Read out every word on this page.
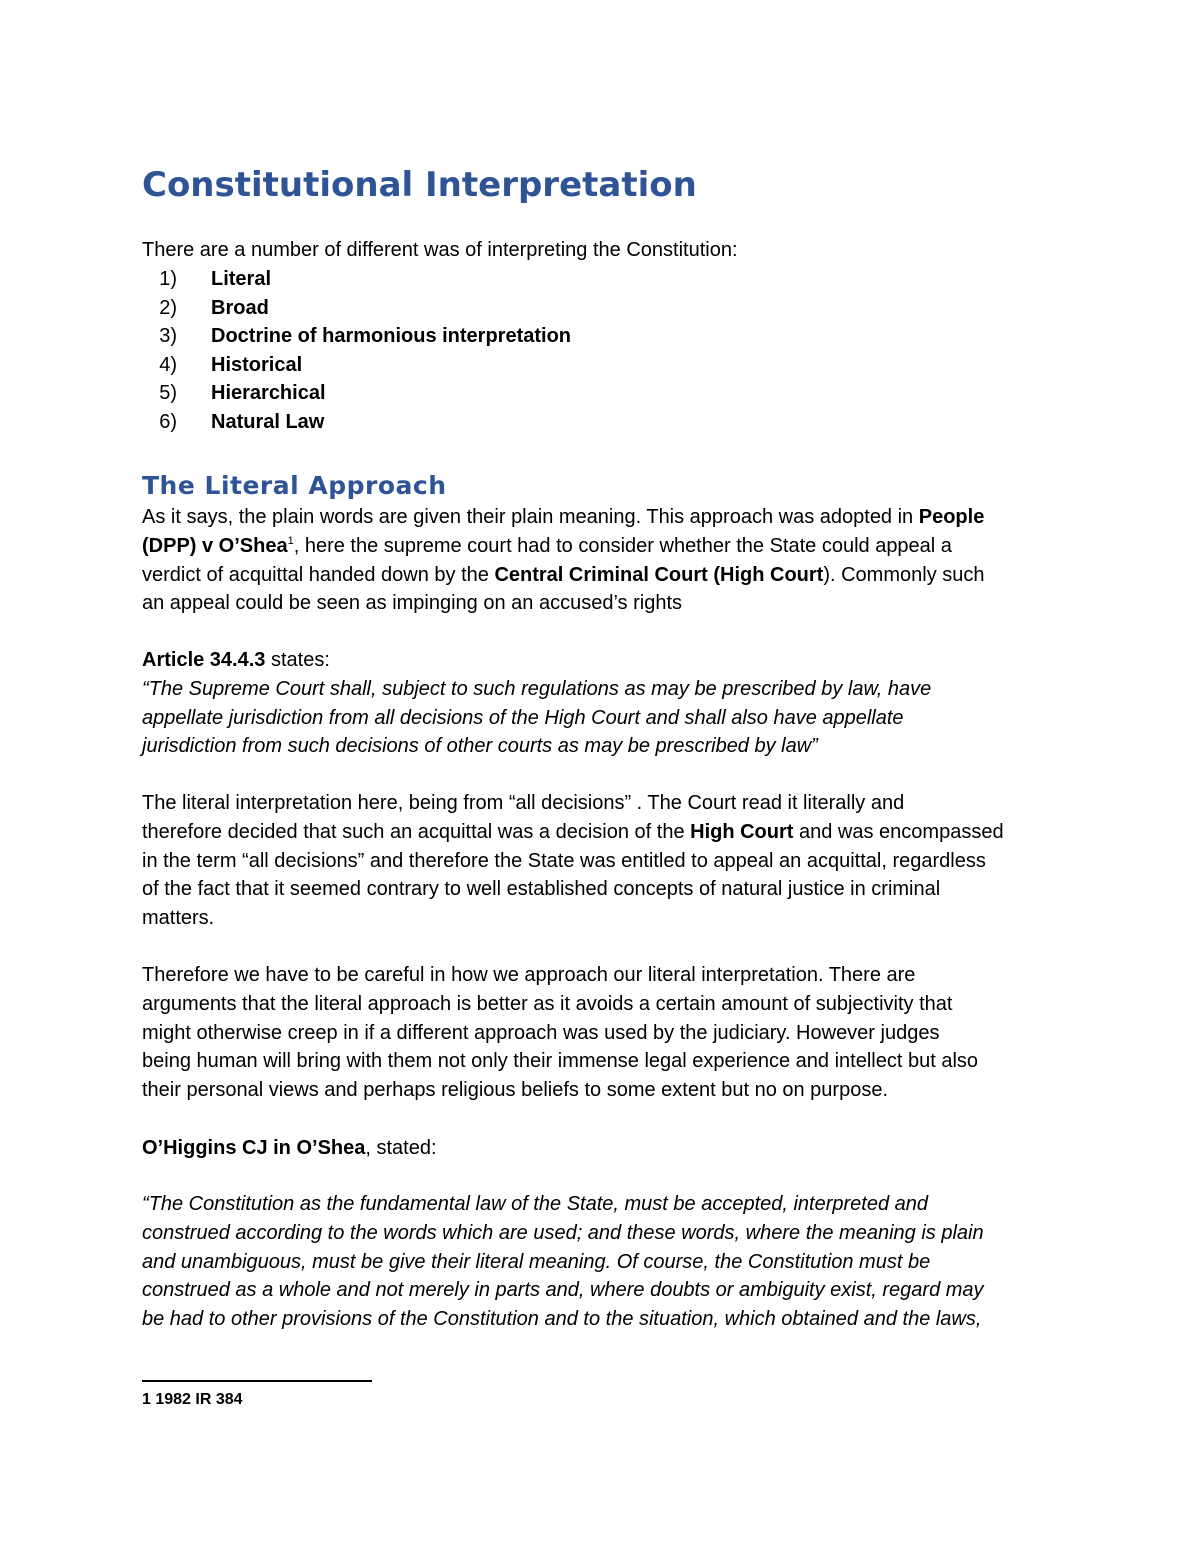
Constitutional Interpretation

There are a number of different was of interpreting the Constitution:

1) Literal
2) Broad
3) Doctrine of harmonious interpretation
4) Historical
5) Hierarchical
6) Natural Law
The Literal Approach

As it says, the plain words are given their plain meaning. This approach was adopted in People
(DPP) v O’Shea$^1$, here the supreme court had to consider whether the State could appeal a
verdict of acquittal handed down by the Central Criminal Court (High Court). Commonly such
an appeal could be seen as impinging on an accused’s rights

Article 34.4.3 states:
“The Supreme Court shall, subject to such regulations as may be prescribed by law, have
appellate jurisdiction from all decisions of the High Court and shall also have appellate
jurisdiction from such decisions of other courts as may be prescribed by law”

The literal interpretation here, being from “all decisions” . The Court read it literally and
therefore decided that such an acquittal was a decision of the High Court and was encompassed
in the term “all decisions” and therefore the State was entitled to appeal an acquittal, regardless
of the fact that it seemed contrary to well established concepts of natural justice in criminal
matters.

Therefore we have to be careful in how we approach our literal interpretation. There are
arguments that the literal approach is better as it avoids a certain amount of subjectivity that
might otherwise creep in if a different approach was used by the judiciary. However judges
being human will bring with them not only their immense legal experience and intellect but also
their personal views and perhaps religious beliefs to some extent but no on purpose.

O’Higgins CJ in O’Shea, stated:

“The Constitution as the fundamental law of the State, must be accepted, interpreted and
construed according to the words which are used; and these words, where the meaning is plain
and unambiguous, must be give their literal meaning. Of course, the Constitution must be
construed as a whole and not merely in parts and, where doubts or ambiguity exist, regard may
be had to other provisions of the Constitution and to the situation, which obtained and the laws,

1 1982 IR 384
